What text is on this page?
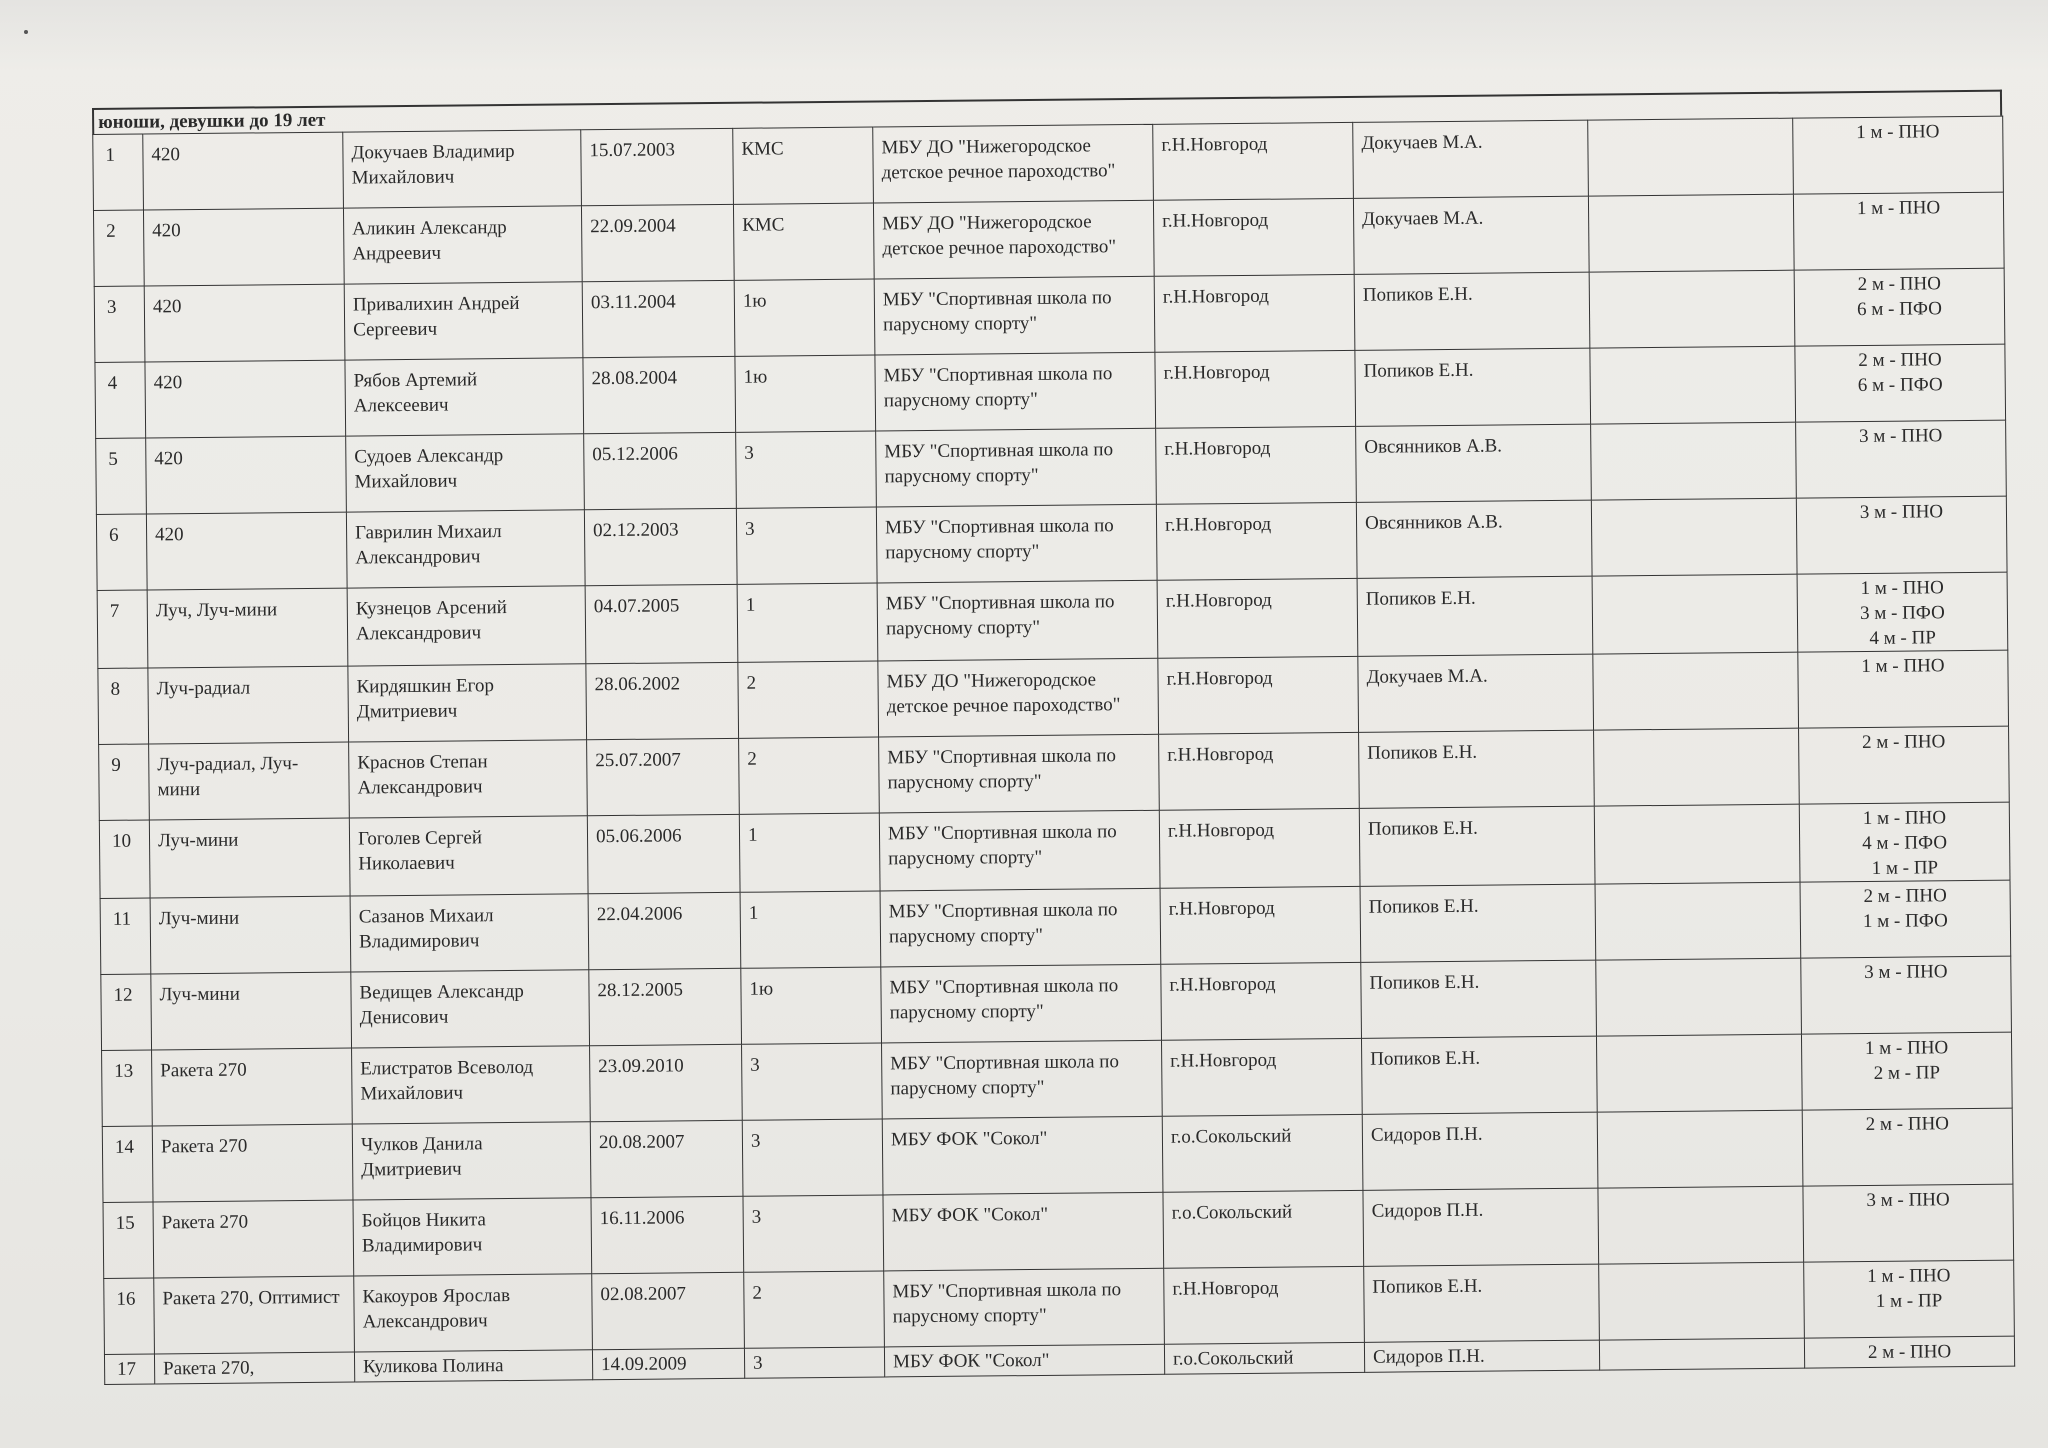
юноши, девушки до 19 лет
1	420	Докучаев Владимир Михайлович	15.07.2003	КМС	МБУ ДО "Нижегородское детское речное пароходство"	г.Н.Новгород	Докучаев М.А.		1 м - ПНО

2	420	Аликин Александр Андреевич	22.09.2004	КМС	МБУ ДО "Нижегородское детское речное пароходство"	г.Н.Новгород	Докучаев М.А.		1 м - ПНО

3	420	Привалихин Андрей Сергеевич	03.11.2004	1ю	МБУ "Спортивная школа по парусному спорту"	г.Н.Новгород	Попиков Е.Н.		2 м - ПНО
6 м - ПФО

4	420	Рябов Артемий Алексеевич	28.08.2004	1ю	МБУ "Спортивная школа по парусному спорту"	г.Н.Новгород	Попиков Е.Н.		2 м - ПНО
6 м - ПФО

5	420	Судоев Александр Михайлович	05.12.2006	3	МБУ "Спортивная школа по парусному спорту"	г.Н.Новгород	Овсянников А.В.		3 м - ПНО

6	420	Гаврилин Михаил Александрович	02.12.2003	3	МБУ "Спортивная школа по парусному спорту"	г.Н.Новгород	Овсянников А.В.		3 м - ПНО

7	Луч, Луч-мини	Кузнецов Арсений Александрович	04.07.2005	1	МБУ "Спортивная школа по парусному спорту"	г.Н.Новгород	Попиков Е.Н.		1 м - ПНО
3 м - ПФО
4 м - ПР

8	Луч-радиал	Кирдяшкин Егор Дмитриевич	28.06.2002	2	МБУ ДО "Нижегородское детское речное пароходство"	г.Н.Новгород	Докучаев М.А.		1 м - ПНО

9	Луч-радиал, Луч-мини	Краснов Степан Александрович	25.07.2007	2	МБУ "Спортивная школа по парусному спорту"	г.Н.Новгород	Попиков Е.Н.		2 м - ПНО

10	Луч-мини	Гоголев Сергей Николаевич	05.06.2006	1	МБУ "Спортивная школа по парусному спорту"	г.Н.Новгород	Попиков Е.Н.		1 м - ПНО
4 м - ПФО
1 м - ПР

11	Луч-мини	Сазанов Михаил Владимирович	22.04.2006	1	МБУ "Спортивная школа по парусному спорту"	г.Н.Новгород	Попиков Е.Н.		2 м - ПНО
1 м - ПФО

12	Луч-мини	Ведищев Александр Денисович	28.12.2005	1ю	МБУ "Спортивная школа по парусному спорту"	г.Н.Новгород	Попиков Е.Н.		3 м - ПНО

13	Ракета 270	Елистратов Всеволод Михайлович	23.09.2010	3	МБУ "Спортивная школа по парусному спорту"	г.Н.Новгород	Попиков Е.Н.		1 м - ПНО
2 м - ПР

14	Ракета 270	Чулков Данила Дмитриевич	20.08.2007	3	МБУ ФОК "Сокол"	г.о.Сокольский	Сидоров П.Н.		2 м - ПНО

15	Ракета 270	Бойцов Никита Владимирович	16.11.2006	3	МБУ ФОК "Сокол"	г.о.Сокольский	Сидоров П.Н.		3 м - ПНО

16	Ракета 270, Оптимист	Какоуров Ярослав Александрович	02.08.2007	2	МБУ "Спортивная школа по парусному спорту"	г.Н.Новгород	Попиков Е.Н.		1 м - ПНО
1 м - ПР

17	Ракета 270,	Куликова Полина	14.09.2009	3	МБУ ФОК "Сокол"	г.о.Сокольский	Сидоров П.Н.		2 м - ПНО
